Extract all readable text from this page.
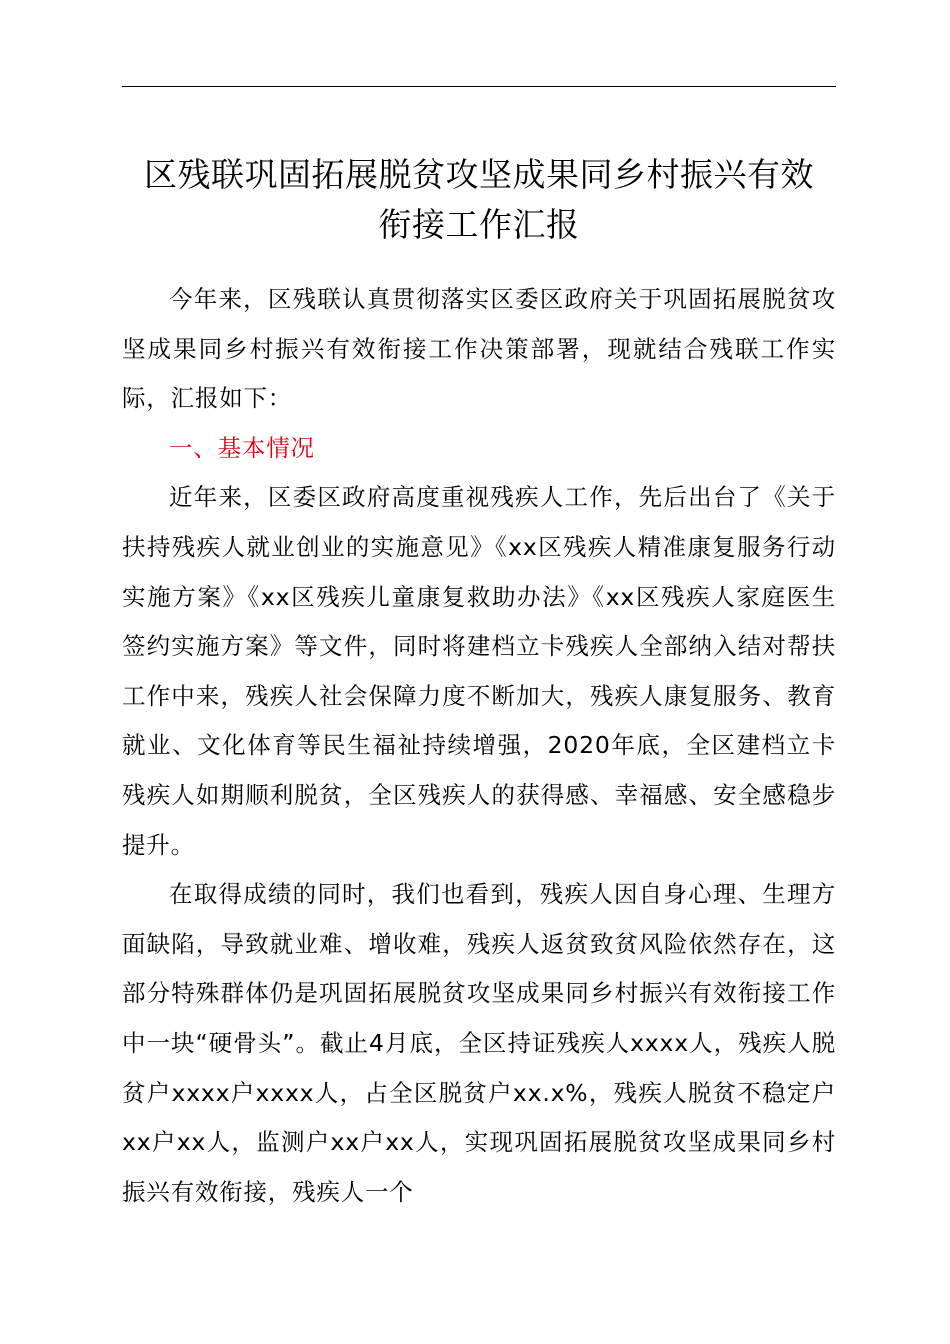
区残联巩固拓展脱贫攻坚成果同乡村振兴有效
衔接工作汇报

今年来，区残联认真贯彻落实区委区政府关于巩固拓展脱贫攻坚成果同乡村振兴有效衔接工作决策部署，现就结合残联工作实际，汇报如下：

一、基本情况

近年来，区委区政府高度重视残疾人工作，先后出台了《关于扶持残疾人就业创业的实施意见》《xx区残疾人精准康复服务行动实施方案》《xx区残疾儿童康复救助办法》《xx区残疾人家庭医生签约实施方案》等文件，同时将建档立卡残疾人全部纳入结对帮扶工作中来，残疾人社会保障力度不断加大，残疾人康复服务、教育就业、文化体育等民生福祉持续增强，2020年底，全区建档立卡残疾人如期顺利脱贫，全区残疾人的获得感、幸福感、安全感稳步提升。

在取得成绩的同时，我们也看到，残疾人因自身心理、生理方面缺陷，导致就业难、增收难，残疾人返贫致贫风险依然存在，这部分特殊群体仍是巩固拓展脱贫攻坚成果同乡村振兴有效衔接工作中一块“硬骨头”。截止4月底，全区持证残疾人xxxx人，残疾人脱贫户xxxx户xxxx人，占全区脱贫户xx.x%，残疾人脱贫不稳定户xx户xx人，监测户xx户xx人，实现巩固拓展脱贫攻坚成果同乡村振兴有效衔接，残疾人一个
